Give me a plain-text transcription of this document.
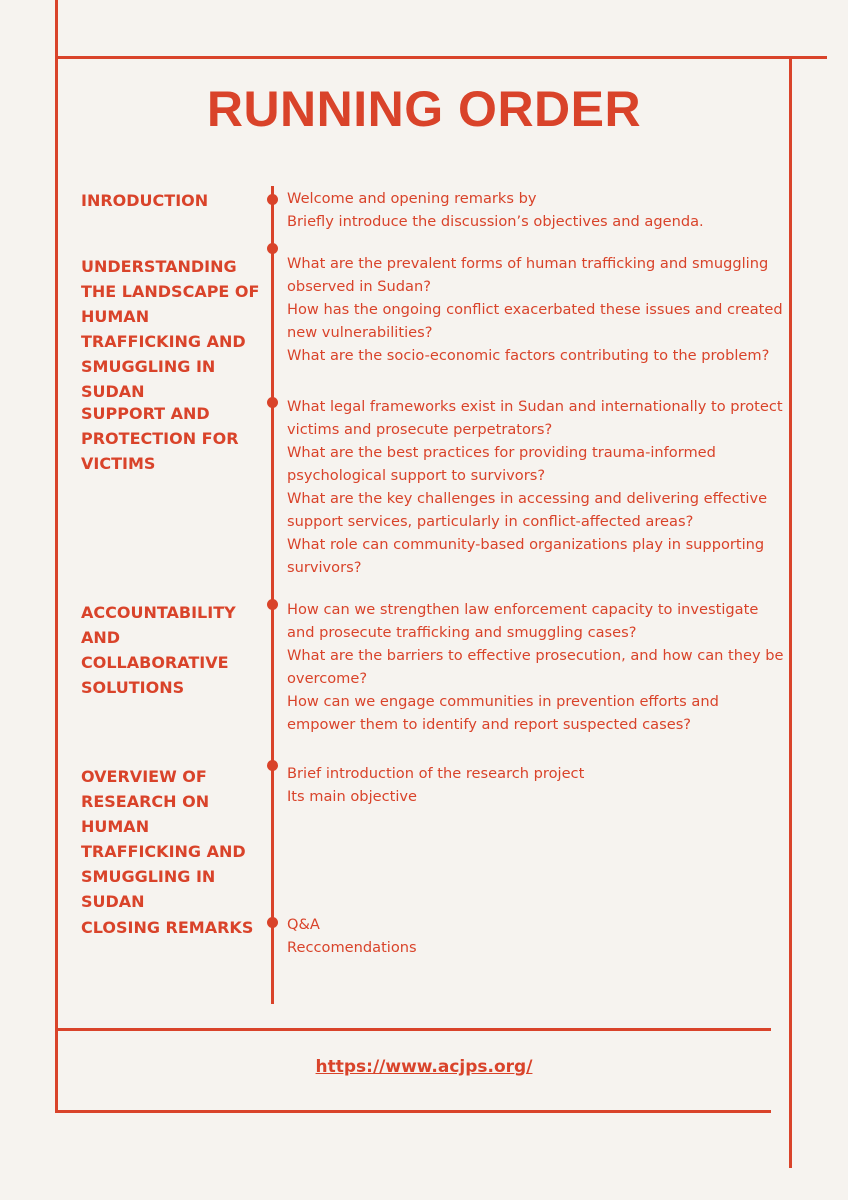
RUNNING ORDER
INRODUCTION	Welcome and opening remarks by
Briefly introduce the discussion’s objectives and agenda.
UNDERSTANDING THE LANDSCAPE OF HUMAN TRAFFICKING AND SMUGGLING IN SUDAN
What are the prevalent forms of human trafficking and smuggling observed in Sudan?
How has the ongoing conflict exacerbated these issues and created new vulnerabilities?
What are the socio-economic factors contributing to the problem?
SUPPORT AND PROTECTION FOR VICTIMS
What legal frameworks exist in Sudan and internationally to protect victims and prosecute perpetrators?
What are the best practices for providing trauma-informed psychological support to survivors?
What are the key challenges in accessing and delivering effective support services, particularly in conflict-affected areas?
What role can community-based organizations play in supporting survivors?
ACCOUNTABILITY AND COLLABORATIVE SOLUTIONS
How can we strengthen law enforcement capacity to investigate and prosecute trafficking and smuggling cases?
What are the barriers to effective prosecution, and how can they be overcome?
How can we engage communities in prevention efforts and empower them to identify and report suspected cases?
OVERVIEW OF RESEARCH ON HUMAN TRAFFICKING AND SMUGGLING IN SUDAN
Brief introduction of the research project
Its main objective
CLOSING REMARKS	Q&A
Reccomendations
https://www.acjps.org/
